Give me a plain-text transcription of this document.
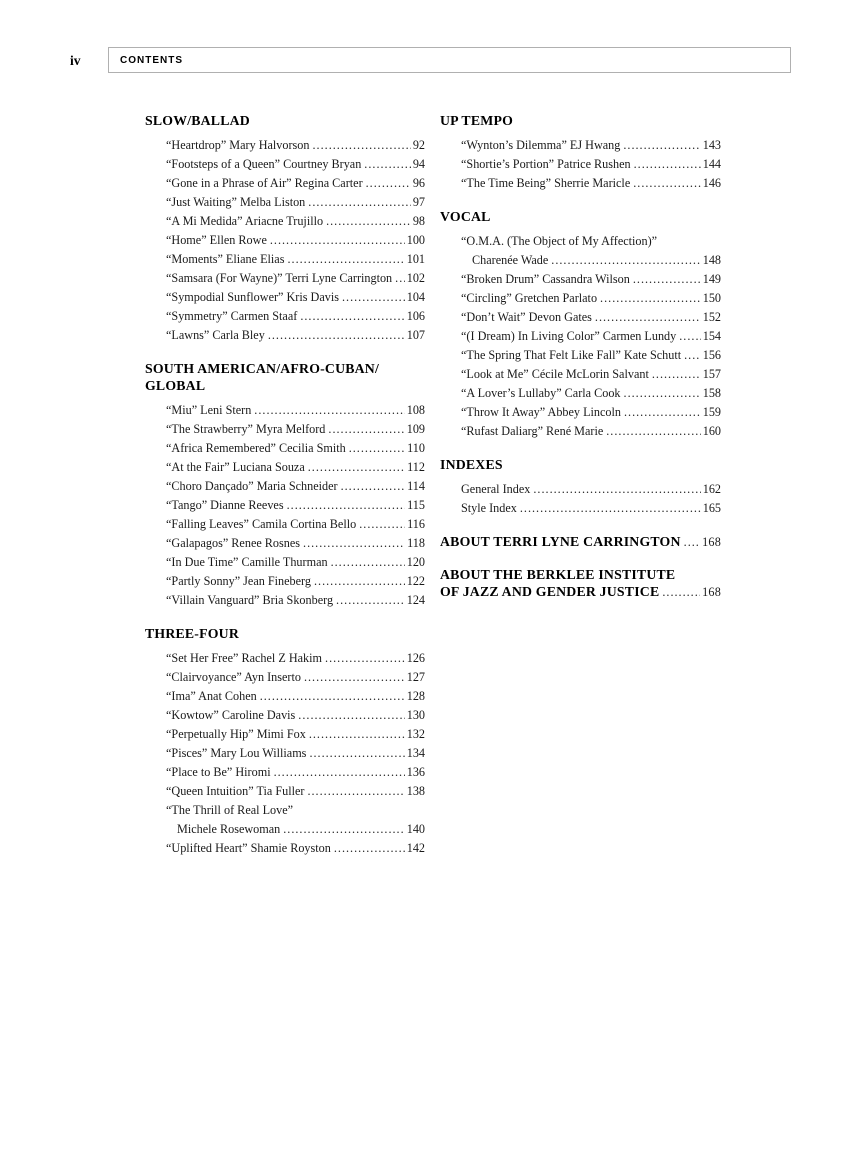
iv	CONTENTS
SLOW/BALLAD
“Heartdrop” Mary Halvorson .....	92
“Footsteps of a Queen” Courtney Bryan .....	94
“Gone in a Phrase of Air” Regina Carter .....	96
“Just Waiting” Melba Liston .....	97
“A Mi Medida” Ariacne Trujillo .....	98
“Home” Ellen Rowe .....	100
“Moments” Eliane Elias .....	101
“Samsara (For Wayne)” Terri Lyne Carrington ..... 102
“Sympodial Sunflower” Kris Davis .....	104
“Symmetry” Carmen Staaf .....	106
“Lawns” Carla Bley .....	107
SOUTH AMERICAN/AFRO-CUBAN/
GLOBAL
“Miu” Leni Stern .....	108
“The Strawberry” Myra Melford .....	109
“Africa Remembered” Cecilia Smith .....	110
“At the Fair” Luciana Souza .....	112
“Choro Dançado” Maria Schneider .....	114
“Tango” Dianne Reeves .....	115
“Falling Leaves” Camila Cortina Bello .....	116
“Galapagos” Renee Rosnes .....	118
“In Due Time” Camille Thurman .....	120
“Partly Sonny” Jean Fineberg .....	122
“Villain Vanguard” Bria Skonberg .....	124
THREE-FOUR
“Set Her Free” Rachel Z Hakim .....	126
“Clairvoyance” Ayn Inserto .....	127
“Ima” Anat Cohen .....	128
“Kowtow” Caroline Davis .....	130
“Perpetually Hip” Mimi Fox .....	132
“Pisces” Mary Lou Williams .....	134
“Place to Be” Hiromi .....	136
“Queen Intuition” Tia Fuller .....	138
“The Thrill of Real Love”
Michele Rosewoman .....	140
“Uplifted Heart” Shamie Royston .....	142
UP TEMPO
“Wynton’s Dilemma” EJ Hwang .....	143
“Shortie’s Portion” Patrice Rushen .....	144
“The Time Being” Sherrie Maricle .....	146
VOCAL
“O.M.A. (The Object of My Affection)”
Charenée Wade .....	148
“Broken Drum” Cassandra Wilson .....	149
“Circling” Gretchen Parlato .....	150
“Don’t Wait” Devon Gates .....	152
“(I Dream) In Living Color” Carmen Lundy ..... 154
“The Spring That Felt Like Fall” Kate Schutt ..... 156
“Look at Me” Cécile McLorin Salvant .....	157
“A Lover’s Lullaby” Carla Cook .....	158
“Throw It Away” Abbey Lincoln .....	159
“Rufast Daliarg” René Marie .....	160
INDEXES
General Index .....	162
Style Index .....	165
ABOUT TERRI LYNE CARRINGTON ..... 168
ABOUT THE BERKLEE INSTITUTE
OF JAZZ AND GENDER JUSTICE .....	168
